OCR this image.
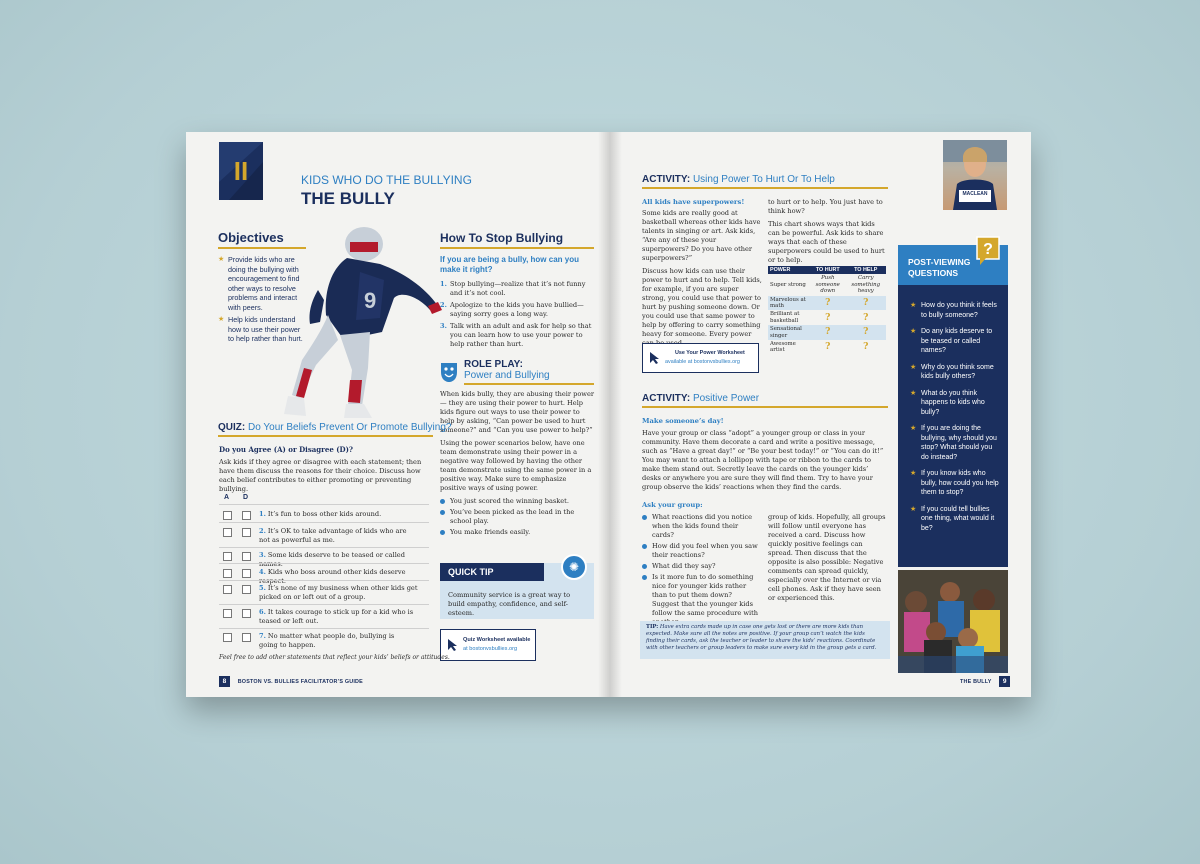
II	KIDS WHO DO THE BULLYING
THE BULLY
Objectives
★ Provide kids who are doing the bullying with encouragement to find other ways to resolve problems and interact with peers.
★ Help kids understand how to use their power to help rather than hurt.
9
How To Stop Bullying
If you are being a bully, how can you make it right?
1. Stop bullying—realize that it’s not funny and it’s not cool.
2. Apologize to the kids you have bullied—saying sorry goes a long way.
3. Talk with an adult and ask for help so that you can learn how to use your power to help rather than hurt.
ROLE PLAY:
Power and Bullying
When kids bully, they are abusing their power — they are using their power to hurt. Help kids figure out ways to use their power to help by asking, “Can power be used to hurt someone?” and “Can you use power to help?”
Using the power scenarios below, have one team demonstrate using their power in a negative way followed by having the other team demonstrate using the same power in a positive way. Make sure to emphasize positive ways of using power.
You just scored the winning basket.
You’ve been picked as the lead in the school play.
You make friends easily.
QUICK TIP	✺
Community service is a great way to build empathy, confidence, and self-esteem.
Quiz Worksheet available
at bostonvsbullies.org
QUIZ: Do Your Beliefs Prevent Or Promote Bullying?
Do you Agree (A) or Disagree (D)?
Ask kids if they agree or disagree with each statement; then have them discuss the reasons for their choice. Discuss how each belief contributes to either promoting or preventing bullying.
A D
1. It’s fun to boss other kids around.
2. It’s OK to take advantage of kids who are not as powerful as me.
3. Some kids deserve to be teased or called names.
4. Kids who boss around other kids deserve respect.
5. It’s none of my business when other kids get picked on or left out of a group.
6. It takes courage to stick up for a kid who is teased or left out.
7. No matter what people do, bullying is going to happen.
Feel free to add other statements that reflect your kids’ beliefs or attitudes.
8 BOSTON VS. BULLIES FACILITATOR’S GUIDE
ACTIVITY: Using Power To Hurt Or To Help
All kids have superpowers!
Some kids are really good at basketball whereas other kids have talents in singing or art. Ask kids, “Are any of these your superpowers? Do you have other superpowers?”
Discuss how kids can use their power to hurt and to help. Tell kids, for example, if you are super strong, you could use that power to hurt by pushing someone down. Or you could use that same power to help by offering to carry something heavy for someone. Every power
Use Your Power Worksheet
available at bostonvsbullies.org
to hurt or to help. You just have to think how?
This chart shows ways that kids can be powerful. Ask kids to share ways that each of these superpowers could be used to hurt or to help.
POWER	TO HURT	TO HELP
Super strong	Push someone down	Carry something heavy
Marvelous at math	?	?
Brilliant at basketball	?	?
Sensational singer	?	?
Awesome artist	?	?
ACTIVITY: Positive Power
Make someone’s day!
Have your group or class “adopt” a younger group or class in your community. Have them decorate a card and write a positive message, such as “Have a great day!” or “Be your best today!” or “You can do it!” You may want to attach a lollipop with tape or ribbon to the cards to make them stand out. Secretly leave the cards on the younger kids’ desks or anywhere you are sure they will find them. Try to have your group observe the kids’ reactions when they find the cards.
Ask your group:
What reactions did you notice when the kids found their cards?
How did you feel when you saw their reactions?
What did they say?
Is it more fun to do something nice for younger kids rather than to put them down? Suggest that the younger kids follow the same procedure with
group of kids. Hopefully, all groups will follow until everyone has received a card. Discuss how quickly positive feelings can spread. Then discuss that the opposite is also possible: Negative comments can spread quickly, especially over the Internet or via cell phones. Ask if they have seen or experienced this.
TIP: Have extra cards made up in case one gets lost or there are more kids than expected. Make sure all the notes are positive. If your group can’t watch the kids finding their cards, ask the teacher or leader to share the kids’ reactions. Coordinate with other teachers or group leaders to make sure every kid in the group gets a card.
MACLEAN
POST-VIEWING
QUESTIONS
?
★ How do you think it feels to bully someone?
★ Do any kids deserve to be teased or called names?
★ Why do you think some kids bully others?
★ What do you think happens to kids who bully?
★ If you are doing the bullying, why should you stop? What should you do instead?
★ If you know kids who bully, how could you help them to stop?
★ If you could tell bullies one thing, what would it be?
THE BULLY 9
